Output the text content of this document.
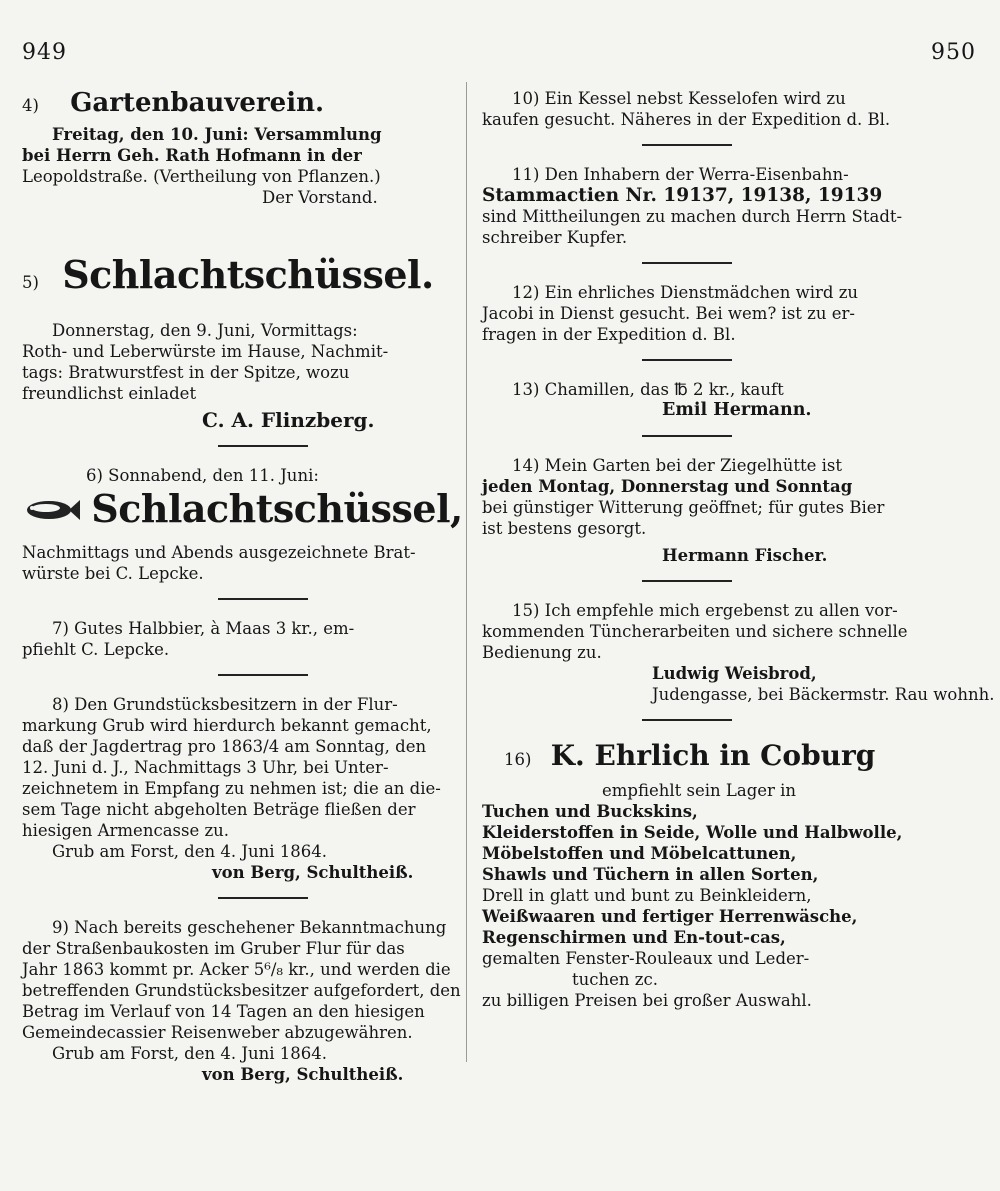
949	950
4) Gartenbauverein.
Freitag, den 10. Juni: Versammlung
bei Herrn Geh. Rath Hofmann in der
Leopoldstraße. (Vertheilung von Pflanzen.)
Der Vorstand.
5) Schlachtschüssel.
Donnerstag, den 9. Juni, Vormittags:
Roth- und Leberwürste im Hause, Nachmit-
tags: Bratwurstfest in der Spitze, wozu
freundlichst einladet
C. A. Flinzberg.
6) Sonnabend, den 11. Juni:
Schlachtschüssel,
Nachmittags und Abends ausgezeichnete Brat-
würste bei C. Lepcke.
7) Gutes Halbbier, à Maas 3 kr., em-
pfiehlt C. Lepcke.
8) Den Grundstücksbesitzern in der Flur-
markung Grub wird hierdurch bekannt gemacht,
daß der Jagdertrag pro 1863/4 am Sonntag, den
12. Juni d. J., Nachmittags 3 Uhr, bei Unter-
zeichnetem in Empfang zu nehmen ist; die an die-
sem Tage nicht abgeholten Beträge fließen der
hiesigen Armencasse zu.
Grub am Forst, den 4. Juni 1864.
von Berg, Schultheiß.
9) Nach bereits geschehener Bekanntmachung
der Straßenbaukosten im Gruber Flur für das
Jahr 1863 kommt pr. Acker 5⁶/₈ kr., und werden die
betreffenden Grundstücksbesitzer aufgefordert, den
Betrag im Verlauf von 14 Tagen an den hiesigen
Gemeindecassier Reisenweber abzugewähren.
Grub am Forst, den 4. Juni 1864.
von Berg, Schultheiß.
10) Ein Kessel nebst Kesselofen wird zu
kaufen gesucht. Näheres in der Expedition d. Bl.
11) Den Inhabern der Werra-Eisenbahn-
Stammactien Nr. 19137, 19138, 19139
sind Mittheilungen zu machen durch Herrn Stadt-
schreiber Kupfer.
12) Ein ehrliches Dienstmädchen wird zu
Jacobi in Dienst gesucht. Bei wem? ist zu er-
fragen in der Expedition d. Bl.
13) Chamillen, das ℔ 2 kr., kauft
Emil Hermann.
14) Mein Garten bei der Ziegelhütte ist
jeden Montag, Donnerstag und Sonntag
bei günstiger Witterung geöffnet; für gutes Bier
ist bestens gesorgt.
Hermann Fischer.
15) Ich empfehle mich ergebenst zu allen vor-
kommenden Tüncherarbeiten und sichere schnelle
Bedienung zu.
Ludwig Weisbrod,
Judengasse, bei Bäckermstr. Rau wohnh.
16) K. Ehrlich in Coburg
empfiehlt sein Lager in
Tuchen und Buckskins,
Kleiderstoffen in Seide, Wolle und Halbwolle,
Möbelstoffen und Möbelcattunen,
Shawls und Tüchern in allen Sorten,
Drell in glatt und bunt zu Beinkleidern,
Weißwaaren und fertiger Herrenwäsche,
Regenschirmen und En-tout-cas,
gemalten Fenster-Rouleaux und Leder-
tuchen zc.
zu billigen Preisen bei großer Auswahl.
